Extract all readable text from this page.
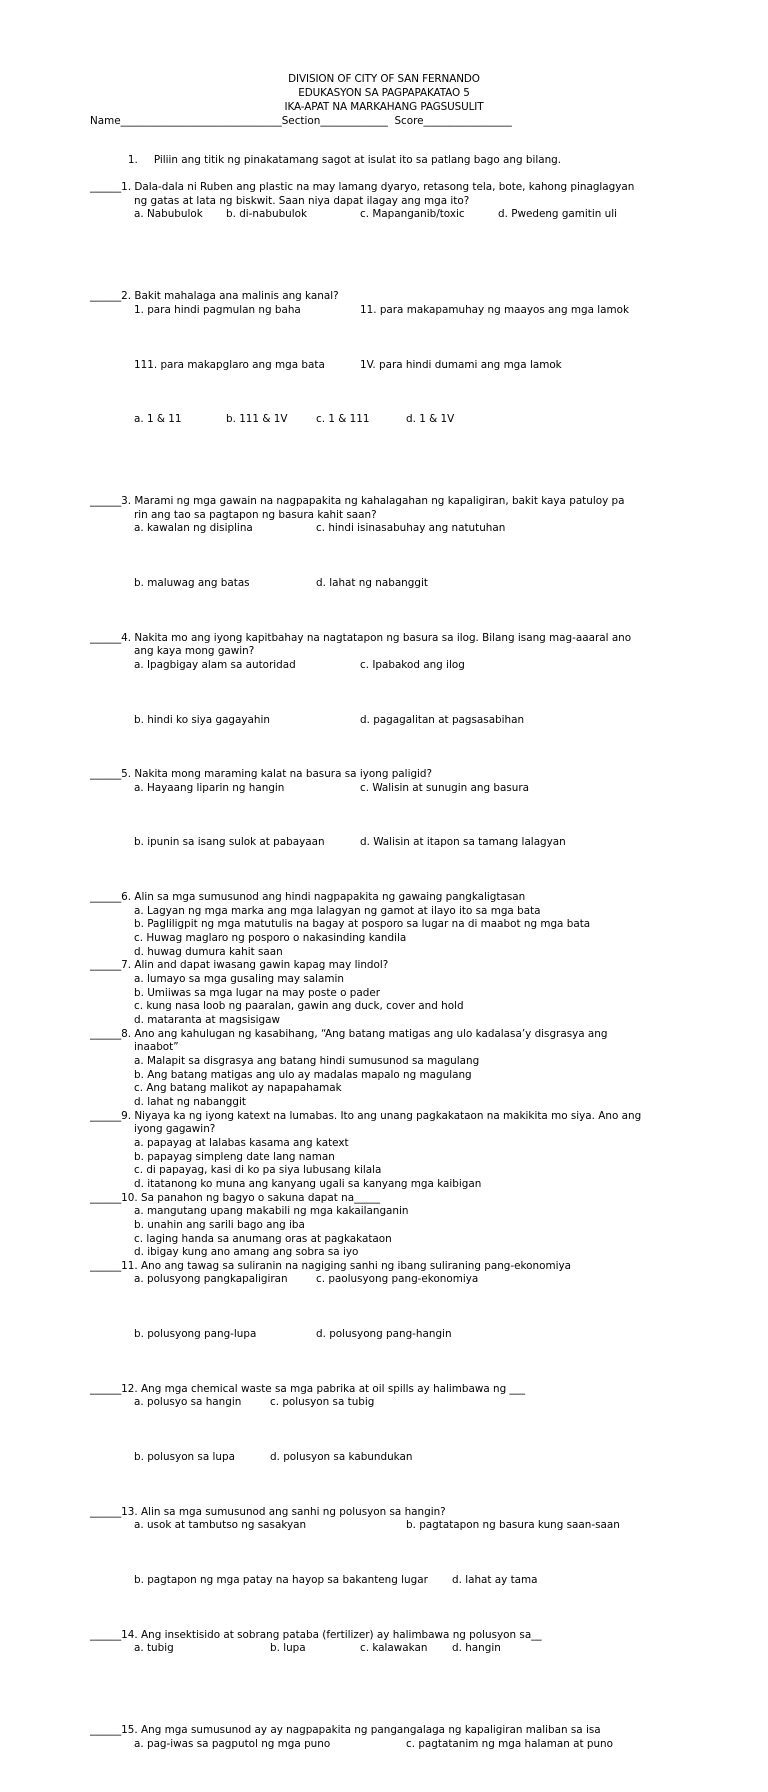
DIVISION OF CITY OF SAN FERNANDO
EDUKASYON SA PAGPAPAKATAO 5
IKA-APAT NA MARKAHANG PAGSUSULIT
Name_______________________________Section_____________  Score_________________

1. Piliin ang titik ng pinakatamang sagot at isulat ito sa patlang bago ang bilang.

______1. Dala-dala ni Ruben ang plastic na may lamang dyaryo, retasong tela, bote, kahong pinaglagyan
ng gatas at lata ng biskwit. Saan niya dapat ilagay ang mga ito?

a. Nabubulok

b. di-nabubulok

	c. Mapanganib/toxic

	d. Pwedeng gamitin uli

______2. Bakit mahalaga ana malinis ang kanal?

1. para hindi pagmulan ng baha

	11. para makapamuhay ng maayos ang mga lamok

111. para makapglaro ang mga bata

	1V. para hindi dumami ang mga lamok

a. 1 & 11

	b. 111 & 1V

	c. 1 & 111

	d. 1 & 1V

______3. Marami ng mga gawain na nagpapakita ng kahalagahan ng kapaligiran, bakit kaya patuloy pa
rin ang tao sa pagtapon ng basura kahit saan?

a. kawalan ng disiplina

	c. hindi isinasabuhay ang natutuhan

b. maluwag ang batas

	d. lahat ng nabanggit

______4. Nakita mo ang iyong kapitbahay na nagtatapon ng basura sa ilog. Bilang isang mag-aaaral ano
ang kaya mong gawin?

a. Ipagbigay alam sa autoridad

	c. Ipabakod ang ilog

b. hindi ko siya gagayahin

	d. pagagalitan at pagsasabihan

______5. Nakita mong maraming kalat na basura sa iyong paligid?

a. Hayaang liparin ng hangin

	c. Walisin at sunugin ang basura

b. ipunin sa isang sulok at pabayaan

	d. Walisin at itapon sa tamang lalagyan

______6. Alin sa mga sumusunod ang hindi nagpapakita ng gawaing pangkaligtasan
a. Lagyan ng mga marka ang mga lalagyan ng gamot at ilayo ito sa mga bata
b. Pagliligpit ng mga matutulis na bagay at posporo sa lugar na di maabot ng mga bata
c. Huwag maglaro ng posporo o nakasinding kandila
d. huwag dumura kahit saan
______7. Alin and dapat iwasang gawin kapag may lindol?
a. lumayo sa mga gusaling may salamin
b. Umiiwas sa mga lugar na may poste o pader
c. kung nasa loob ng paaralan, gawin ang duck, cover and hold
d. mataranta at magsisigaw
______8. Ano ang kahulugan ng kasabihang, “Ang batang matigas ang ulo kadalasa’y disgrasya ang
inaabot”
a. Malapit sa disgrasya ang batang hindi sumusunod sa magulang
b. Ang batang matigas ang ulo ay madalas mapalo ng magulang
c. Ang batang malikot ay napapahamak
d. lahat ng nabanggit
______9. Niyaya ka ng iyong katext na lumabas. Ito ang unang pagkakataon na makikita mo siya. Ano ang
iyong gagawin?
a. papayag at lalabas kasama ang katext
b. papayag simpleng date lang naman
c. di papayag, kasi di ko pa siya lubusang kilala
d. itatanong ko muna ang kanyang ugali sa kanyang mga kaibigan
______10. Sa panahon ng bagyo o sakuna dapat na_____
a. mangutang upang makabili ng mga kakailanganin
b. unahin ang sarili bago ang iba
c. laging handa sa anumang oras at pagkakataon
d. ibigay kung ano amang ang sobra sa iyo
______11. Ano ang tawag sa suliranin na nagiging sanhi ng ibang suliraning pang-ekonomiya

a. polusyong pangkapaligiran

	c. paolusyong pang-ekonomiya

b. polusyong pang-lupa

	d. polusyong pang-hangin

______12. Ang mga chemical waste sa mga pabrika at oil spills ay halimbawa ng ___

a. polusyo sa hangin

	c. polusyon sa tubig

b. polusyon sa lupa

	d. polusyon sa kabundukan

______13. Alin sa mga sumusunod ang sanhi ng polusyon sa hangin?

a. usok at tambutso ng sasakyan

	b. pagtatapon ng basura kung saan-saan

b. pagtapon ng mga patay na hayop sa bakanteng lugar

d. lahat ay tama

______14. Ang insektisido at sobrang pataba (fertilizer) ay halimbawa ng polusyon sa__

a. tubig

	b. lupa

	c. kalawakan

d. hangin

______15. Ang mga sumusunod ay ay nagpapakita ng pangangalaga ng kapaligiran maliban sa isa

a. pag-iwas sa pagputol ng mga puno

	c. pagtatanim ng mga halaman at puno
